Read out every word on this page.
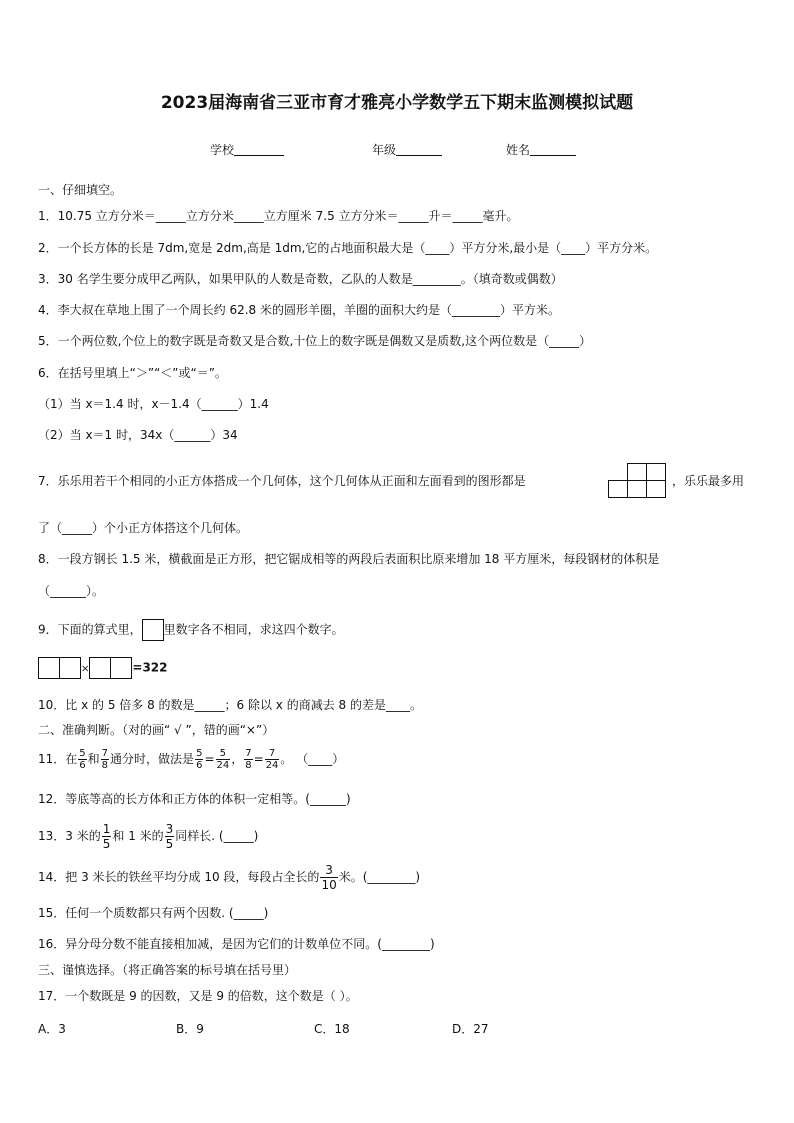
2023届海南省三亚市育才雅亮小学数学五下期末监测模拟试题
学校	年级	姓名
一、仔细填空。
1．10.75 立方分米＝_____立方分米_____立方厘米 7.5 立方分米＝_____升＝_____毫升。
2．一个长方体的长是 7dm,宽是 2dm,高是 1dm,它的占地面积最大是（____）平方分米,最小是（____）平方分米。
3．30 名学生要分成甲乙两队，如果甲队的人数是奇数，乙队的人数是________。（填奇数或偶数）
4．李大叔在草地上围了一个周长约 62.8 米的圆形羊圈，羊圈的面积大约是（________）平方米。
5．一个两位数,个位上的数字既是奇数又是合数,十位上的数字既是偶数又是质数,这个两位数是（_____）
6．在括号里填上“＞”“＜”或“＝”。
（1）当 x＝1.4 时，x－1.4（______）1.4
（2）当 x＝1 时，34x（______）34
7．乐乐用若干个相同的小正方体搭成一个几何体，这个几何体从正面和左面看到的图形都是	，乐乐最多用
了（_____）个小正方体搭这个几何体。
8．一段方钢长 1.5 米，横截面是正方形，把它锯成相等的两段后表面积比原来增加 18 平方厘米，每段钢材的体积是
（______）。
9．下面的算式里， 里数字各不相同，求这四个数字。
×	=322
10．比 x 的 5 倍多 8 的数是_____；6 除以 x 的商减去 8 的差是____。
二、准确判断。（对的画“ √ ”，错的画“×”）
11．在 $\frac{5}{6}$ 和 $\frac{7}{8}$ 通分时，做法是 $\frac{5}{6} = \frac{5}{24}$ ， $\frac{7}{8} = \frac{7}{24}$ 。 （____）
12．等底等高的长方体和正方体的体积一定相等。(______)
13．3 米的 $\frac{1}{5}$ 和 1 米的 $\frac{3}{5}$ 同样长. (_____)
14．把 3 米长的铁丝平均分成 10 段，每段占全长的 $\frac{3}{10}$ 米。(________)
15．任何一个质数都只有两个因数. (_____)
16．异分母分数不能直接相加减，是因为它们的计数单位不同。(________)
三、谨慎选择。（将正确答案的标号填在括号里）
17．一个数既是 9 的因数，又是 9 的倍数，这个数是（ ）。
A．3	B．9	C．18	D．27
